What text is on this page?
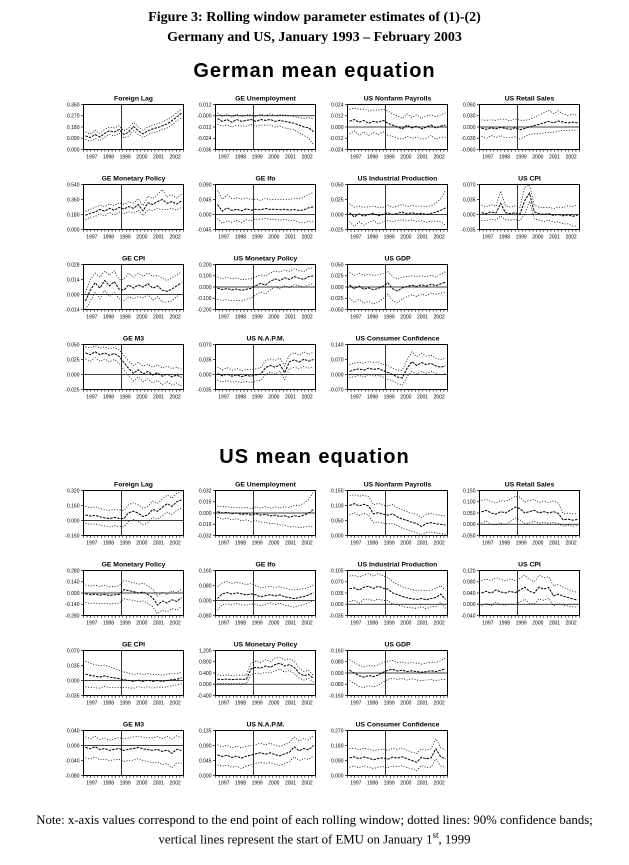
Figure 3: Rolling window parameter estimates of (1)-(2)
Germany and US, January 1993 – February 2003
German mean equation
Foreign Lag
0.360
0.270
0.180
0.090
0.000
1997 1998 1999 2000 2001 2002
GE Unemployment
0.012
-0.000
-0.012
-0.024
-0.036
1997 1998 1999 2000 2001 2002
US Nonfarm Payrolls
0.024
0.012
0.000
-0.012
-0.024
1997 1998 1999 2000 2001 2002
US Retail Sales
0.060
0.030
0.000
-0.030
-0.060
1997 1998 1999 2000 2001 2002
GE Monetary Policy
0.540
0.360
0.180
0.000
1997 1998 1999 2000 2001 2002
GE Ifo
0.090
0.045
0.000
-0.045
1997 1998 1999 2000 2001 2002
US Industrial Production
0.050
0.025
0.000
-0.025
1997 1998 1999 2000 2001 2002
US CPI
0.070
0.035
0.000
-0.035
1997 1998 1999 2000 2001 2002
GE CPI
0.028
0.014
0.000
-0.014
1997 1998 1999 2000 2001 2002
US Monetary Policy
0.200
0.100
0.000
-0.100
-0.200
1997 1998 1999 2000 2001 2002
US GDP
0.050
0.025
0.000
-0.025
-0.050
1997 1998 1999 2000 2001 2002
GE M3
0.050
0.025
0.000
-0.025
1997 1998 1999 2000 2001 2002
US N.A.P.M.
0.070
0.035
0.000
-0.035
1997 1998 1999 2000 2001 2002
US Consumer Confidence
0.140
0.070
0.000
-0.070
1997 1998 1999 2000 2001 2002
US mean equation
Foreign Lag
0.320
0.160
0.000
-0.160
1997 1998 1999 2000 2001 2002
GE Unemployment
0.032
0.016
0.000
-0.016
-0.032
1997 1998 1999 2000 2001 2002
US Nonfarm Payrolls
0.150
0.100
0.050
0.000
1997 1998 1999 2000 2001 2002
US Retail Sales
0.150
0.100
0.050
0.000
-0.050
1997 1998 1999 2000 2001 2002
GE Monetary Policy
0.280
0.140
0.000
-0.140
-0.280
1997 1998 1999 2000 2001 2002
GE Ifo
0.160
0.080
0.000
-0.080
1997 1998 1999 2000 2001 2002
US Industrial Production
0.105
0.070
0.035
0.000
-0.035
1997 1998 1999 2000 2001 2002
US CPI
0.120
0.080
0.040
0.000
-0.040
1997 1998 1999 2000 2001 2002
GE CPI
0.070
0.035
0.000
-0.035
1997 1998 1999 2000 2001 2002
US Monetary Policy
1.200
0.800
0.400
0.000
-0.400
1997 1998 1999 2000 2001 2002
US GDP
0.160
0.080
0.000
-0.080
-0.160
1997 1998 1999 2000 2001 2002
GE M3
0.040
0.000
-0.040
-0.080
1997 1998 1999 2000 2001 2002
US N.A.P.M.
0.135
0.090
0.045
0.000
1997 1998 1999 2000 2001 2002
US Consumer Confidence
0.270
0.180
0.090
0.000
1997 1998 1999 2000 2001 2002
Note: x-axis values correspond to the end point of each rolling window; dotted lines: 90% confidence bands;
vertical lines represent the start of EMU on January 1st, 1999
